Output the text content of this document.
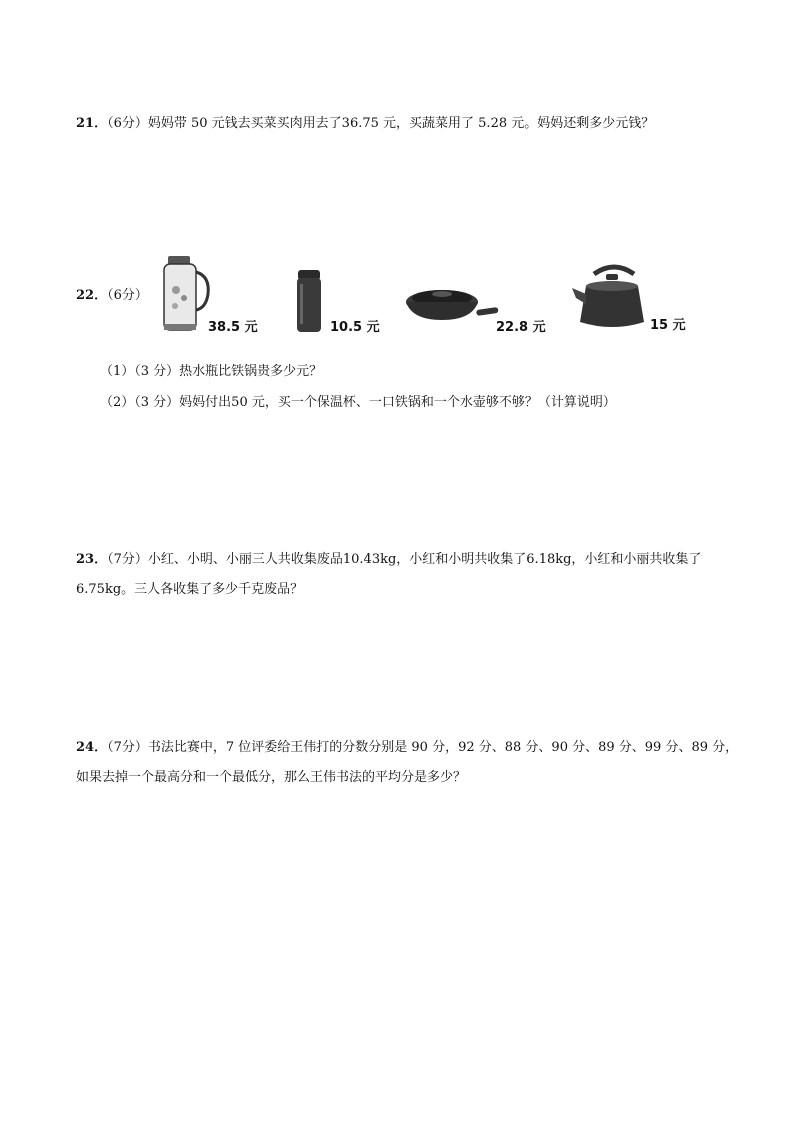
21．（6分）妈妈带 50 元钱去买菜买肉用去了36.75 元，买蔬菜用了 5.28 元。妈妈还剩多少元钱？
22．（6分）
38.5 元	10.5 元	22.8 元	15 元
（1）（3 分）热水瓶比铁锅贵多少元？
（2）（3 分）妈妈付出50 元，买一个保温杯、一口铁锅和一个水壶够不够？（计算说明）
23．（7分）小红、小明、小丽三人共收集废品10.43kg，小红和小明共收集了6.18kg，小红和小丽共收集了 6.75kg。三人各收集了多少千克废品？
24．（7分）书法比赛中，7 位评委给王伟打的分数分别是 90 分，92 分、88 分、90 分、89 分、99 分、89 分，如果去掉一个最高分和一个最低分，那么王伟书法的平均分是多少？
